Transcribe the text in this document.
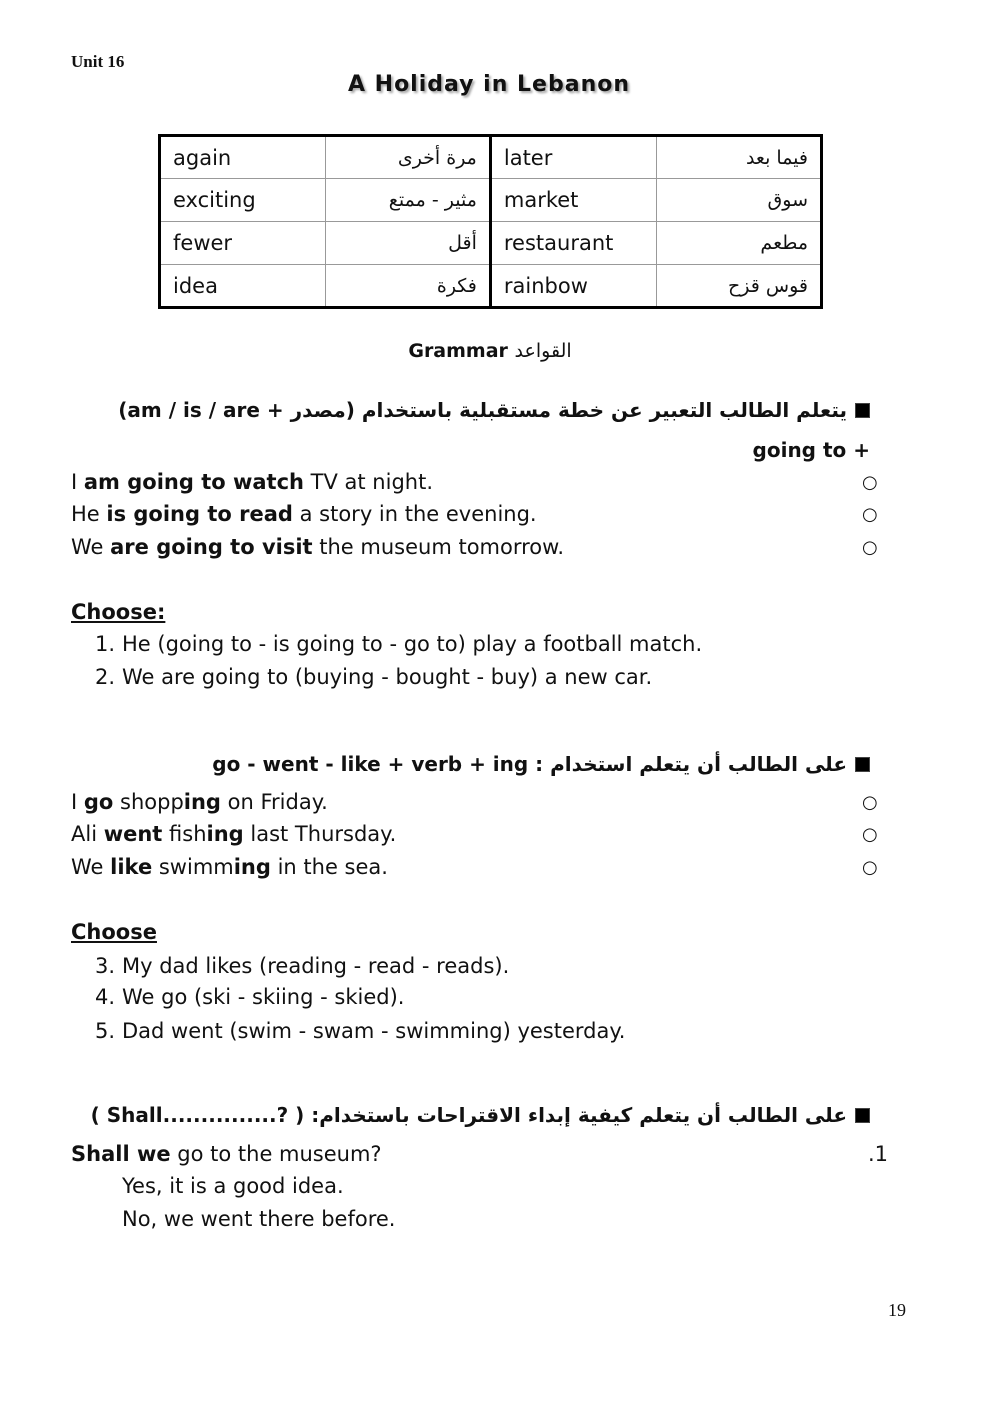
Unit 16
A Holiday in Lebanon
again	مرة أخرى	later	فيما بعد
exciting	مثير - ممتع	market	سوق
fewer	أقل	restaurant	مطعم
idea	فكرة	rainbow	قوس قزح
Grammar القواعد
يتعلم الطالب التعبير عن خطة مستقبلية باستخدام (مصدر + am / is / are)
+ going to
I am going to watch TV at night.	○
He is going to read a story in the evening.	○
We are going to visit the museum tomorrow.	○
Choose:
1. He (going to - is going to - go to) play a football match.
2. We are going to (buying - bought - buy) a new car.
على الطالب أن يتعلم استخدام : go - went - like + verb + ing
I go shopping on Friday.	○
Ali went fishing last Thursday.	○
We like swimming in the sea.	○
Choose
3. My dad likes (reading - read - reads).
4. We go (ski - skiing - skied).
5. Dad went (swim - swam - swimming) yesterday.
على الطالب أن يتعلم كيفية إبداء الاقتراحات باستخدام: ( ?...............Shall )
Shall we go to the museum?	.1
Yes, it is a good idea.
No, we went there before.
19
